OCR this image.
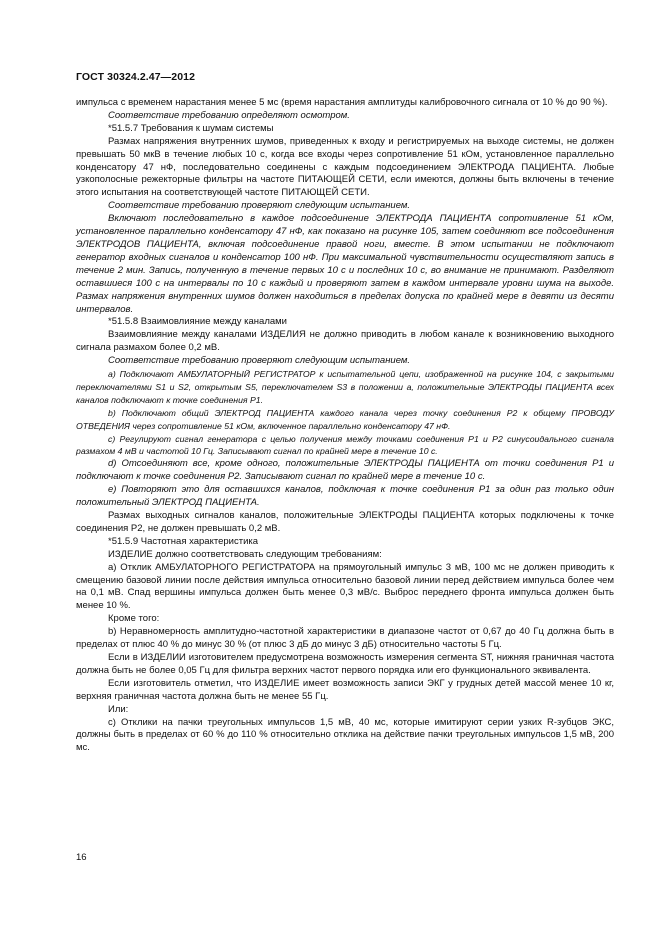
ГОСТ 30324.2.47—2012

импульса с временем нарастания менее 5 мс (время нарастания амплитуды калибровочного сигнала от 10 % до 90 %).

Соответствие требованию определяют осмотром.

*51.5.7 Требования к шумам системы

Размах напряжения внутренних шумов, приведенных к входу и регистрируемых на выходе системы, не должен превышать 50 мкВ в течение любых 10 с, когда все входы через сопротивление 51 кОм, установленное параллельно конденсатору 47 нФ, последовательно соединены с каждым подсоединением ЭЛЕКТРОДА ПАЦИЕНТА. Любые узкополосные режекторные фильтры на частоте ПИТАЮЩЕЙ СЕТИ, если имеются, должны быть включены в течение этого испытания на соответствующей частоте ПИТАЮЩЕЙ СЕТИ.

Соответствие требованию проверяют следующим испытанием.

Включают последовательно в каждое подсоединение ЭЛЕКТРОДА ПАЦИЕНТА сопротивление 51 кОм, установленное параллельно конденсатору 47 нФ, как показано на рисунке 105, затем соединяют все подсоединения ЭЛЕКТРОДОВ ПАЦИЕНТА, включая подсоединение правой ноги, вместе. В этом испытании не подключают генератор входных сигналов и конденсатор 100 нФ. При максимальной чувствительности осуществляют запись в течение 2 мин. Запись, полученную в течение первых 10 с и последних 10 с, во внимание не принимают. Разделяют оставшиеся 100 с на интервалы по 10 с каждый и проверяют затем в каждом интервале уровни шума на выходе. Размах напряжения внутренних шумов должен находиться в пределах допуска по крайней мере в девяти из десяти интервалов.

*51.5.8 Взаимовлияние между каналами

Взаимовлияние между каналами ИЗДЕЛИЯ не должно приводить в любом канале к возникновению выходного сигнала размахом более 0,2 мВ.

Соответствие требованию проверяют следующим испытанием.

a) Подключают АМБУЛАТОРНЫЙ РЕГИСТРАТОР к испытательной цепи, изображенной на рисунке 104, с закрытыми переключателями S1 и S2, открытым S5, переключателем S3 в положении a, положительные ЭЛЕКТРОДЫ ПАЦИЕНТА всех каналов подключают к точке соединения P1.

b) Подключают общий ЭЛЕКТРОД ПАЦИЕНТА каждого канала через точку соединения P2 к общему ПРОВОДУ ОТВЕДЕНИЯ через сопротивление 51 кОм, включенное параллельно конденсатору 47 нФ.

c) Регулируют сигнал генератора с целью получения между точками соединения P1 и P2 синусоидального сигнала размахом 4 мВ и частотой 10 Гц. Записывают сигнал по крайней мере в течение 10 с.

d) Отсоединяют все, кроме одного, положительные ЭЛЕКТРОДЫ ПАЦИЕНТА от точки соединения P1 и подключают к точке соединения P2. Записывают сигнал по крайней мере в течение 10 с.

e) Повторяют это для оставшихся каналов, подключая к точке соединения P1 за один раз только один положительный ЭЛЕКТРОД ПАЦИЕНТА.

Размах выходных сигналов каналов, положительные ЭЛЕКТРОДЫ ПАЦИЕНТА которых подключены к точке соединения P2, не должен превышать 0,2 мВ.

*51.5.9 Частотная характеристика

ИЗДЕЛИЕ должно соответствовать следующим требованиям:

a) Отклик АМБУЛАТОРНОГО РЕГИСТРАТОРА на прямоугольный импульс 3 мВ, 100 мс не должен приводить к смещению базовой линии после действия импульса относительно базовой линии перед действием импульса более чем на 0,1 мВ. Спад вершины импульса должен быть менее 0,3 мВ/с. Выброс переднего фронта импульса должен быть менее 10 %.

Кроме того:

b) Неравномерность амплитудно-частотной характеристики в диапазоне частот от 0,67 до 40 Гц должна быть в пределах от плюс 40 % до минус 30 % (от плюс 3 дБ до минус 3 дБ) относительно частоты 5 Гц.

Если в ИЗДЕЛИИ изготовителем предусмотрена возможность измерения сегмента ST, нижняя граничная частота должна быть не более 0,05 Гц для фильтра верхних частот первого порядка или его функционального эквивалента.

Если изготовитель отметил, что ИЗДЕЛИЕ имеет возможность записи ЭКГ у грудных детей массой менее 10 кг, верхняя граничная частота должна быть не менее 55 Гц.

Или:

c) Отклики на пачки треугольных импульсов 1,5 мВ, 40 мс, которые имитируют серии узких R-зубцов ЭКС, должны быть в пределах от 60 % до 110 % относительно отклика на действие пачки треугольных импульсов 1,5 мВ, 200 мс.

16
